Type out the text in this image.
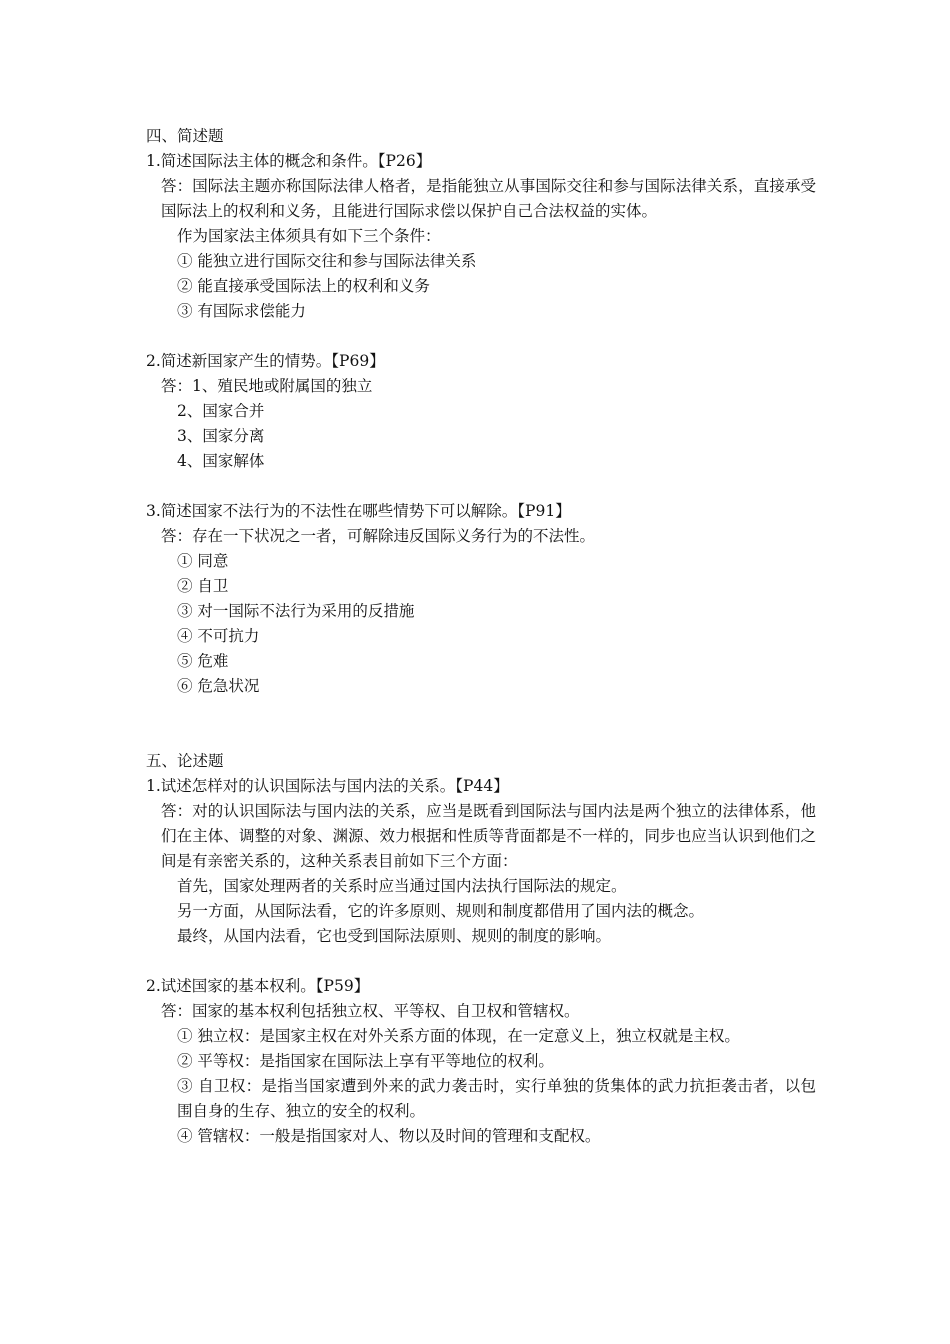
四、简述题
1.简述国际法主体的概念和条件。【P26】
答：国际法主题亦称国际法律人格者，是指能独立从事国际交往和参与国际法律关系，直接承受国际法上的权利和义务，且能进行国际求偿以保护自己合法权益的实体。
作为国家法主体须具有如下三个条件：
① 能独立进行国际交往和参与国际法律关系
② 能直接承受国际法上的权利和义务
③ 有国际求偿能力
2.简述新国家产生的情势。【P69】
答：1、殖民地或附属国的独立
2、国家合并
3、国家分离
4、国家解体
3.简述国家不法行为的不法性在哪些情势下可以解除。【P91】
答：存在一下状况之一者，可解除违反国际义务行为的不法性。
① 同意
② 自卫
③ 对一国际不法行为采用的反措施
④ 不可抗力
⑤ 危难
⑥ 危急状况
五、论述题
1.试述怎样对的认识国际法与国内法的关系。【P44】
答：对的认识国际法与国内法的关系，应当是既看到国际法与国内法是两个独立的法律体系，他们在主体、调整的对象、渊源、效力根据和性质等背面都是不一样的，同步也应当认识到他们之间是有亲密关系的，这种关系表目前如下三个方面：
首先，国家处理两者的关系时应当通过国内法执行国际法的规定。
另一方面，从国际法看，它的许多原则、规则和制度都借用了国内法的概念。
最终，从国内法看，它也受到国际法原则、规则的制度的影响。
2.试述国家的基本权利。【P59】
答：国家的基本权利包括独立权、平等权、自卫权和管辖权。
① 独立权：是国家主权在对外关系方面的体现，在一定意义上，独立权就是主权。
② 平等权：是指国家在国际法上享有平等地位的权利。
③ 自卫权：是指当国家遭到外来的武力袭击时，实行单独的货集体的武力抗拒袭击者，以包围自身的生存、独立的安全的权利。
④ 管辖权：一般是指国家对人、物以及时间的管理和支配权。
